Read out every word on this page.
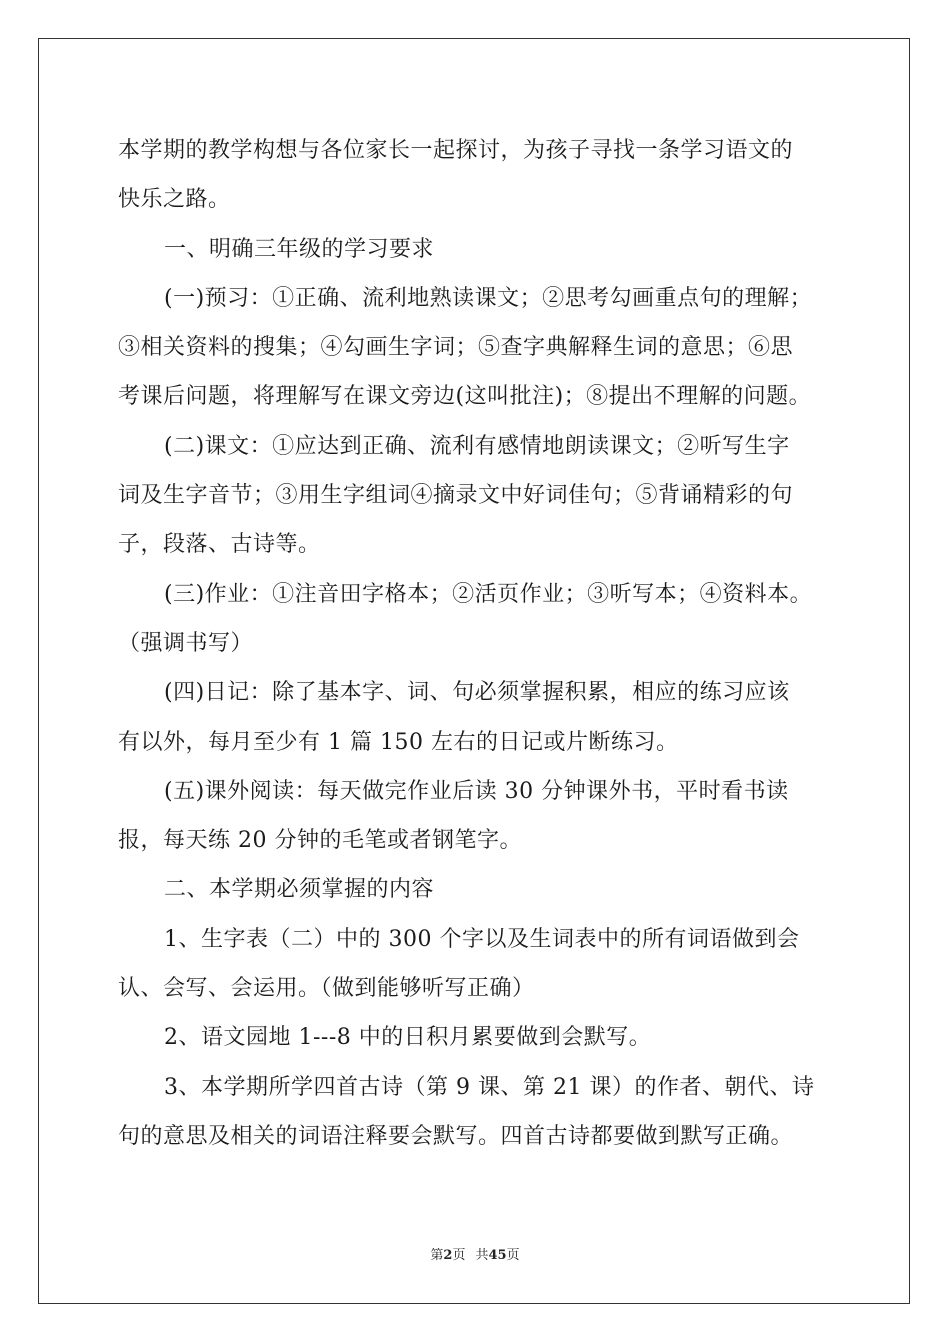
本学期的教学构想与各位家长一起探讨，为孩子寻找一条学习语文的
快乐之路。
一、明确三年级的学习要求
(一)预习：①正确、流利地熟读课文；②思考勾画重点句的理解；
③相关资料的搜集；④勾画生字词；⑤查字典解释生词的意思；⑥思
考课后问题，将理解写在课文旁边(这叫批注)；⑧提出不理解的问题。
(二)课文：①应达到正确、流利有感情地朗读课文；②听写生字
词及生字音节；③用生字组词④摘录文中好词佳句；⑤背诵精彩的句
子，段落、古诗等。
(三)作业：①注音田字格本；②活页作业；③听写本；④资料本。
（强调书写）
(四)日记：除了基本字、词、句必须掌握积累，相应的练习应该
有以外，每月至少有 1 篇 150 左右的日记或片断练习。
(五)课外阅读：每天做完作业后读 30 分钟课外书，平时看书读
报，每天练 20 分钟的毛笔或者钢笔字。
二、本学期必须掌握的内容
1、生字表（二）中的 300 个字以及生词表中的所有词语做到会
认、会写、会运用。（做到能够听写正确）
2、语文园地 1---8 中的日积月累要做到会默写。
3、本学期所学四首古诗（第 9 课、第 21 课）的作者、朝代、诗
句的意思及相关的词语注释要会默写。四首古诗都要做到默写正确。
第2页 共45页
